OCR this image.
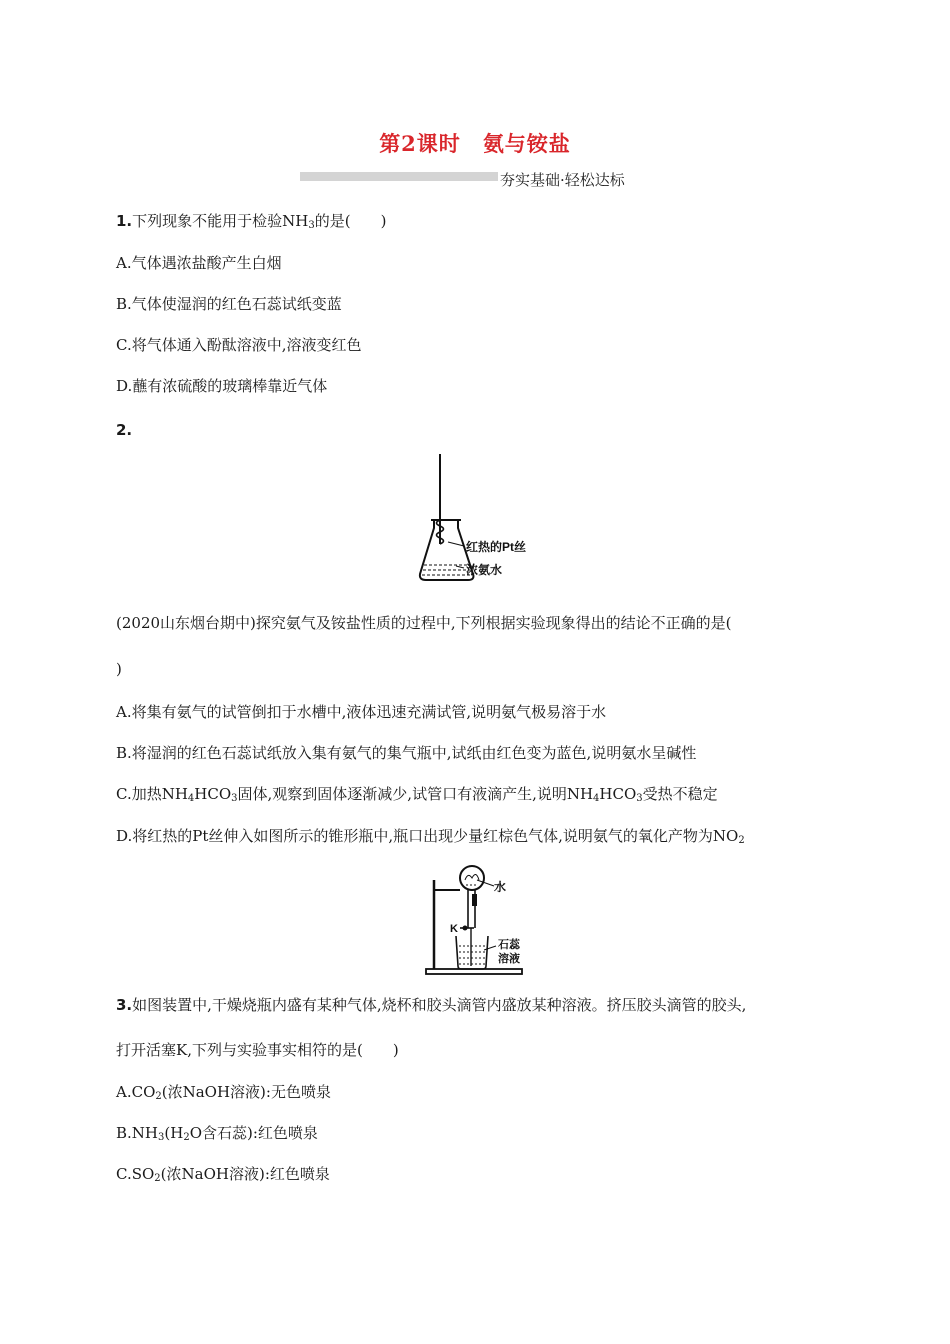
第2课时 氨与铵盐
夯实基础·轻松达标
1.下列现象不能用于检验$NH_3$的是(　　)
A.气体遇浓盐酸产生白烟
B.气体使湿润的红色石蕊试纸变蓝
C.将气体通入酚酞溶液中,溶液变红色
D.蘸有浓硫酸的玻璃棒靠近气体
2.
红热的Pt丝
浓氨水
(2020山东烟台期中)探究氨气及铵盐性质的过程中,下列根据实验现象得出的结论不正确的是(
)
A.将集有氨气的试管倒扣于水槽中,液体迅速充满试管,说明氨气极易溶于水
B.将湿润的红色石蕊试纸放入集有氨气的集气瓶中,试纸由红色变为蓝色,说明氨水呈碱性
C.加热$NH_4HCO_3$固体,观察到固体逐渐减少,试管口有液滴产生,说明$NH_4HCO_3$受热不稳定
D.将红热的Pt丝伸入如图所示的锥形瓶中,瓶口出现少量红棕色气体,说明氨气的氧化产物为$NO_2$
水
K
石蕊
溶液
3.如图装置中,干燥烧瓶内盛有某种气体,烧杯和胶头滴管内盛放某种溶液。挤压胶头滴管的胶头,
打开活塞K,下列与实验事实相符的是(　　)
$A.CO_2$(浓NaOH溶液):无色喷泉
$B.NH_3(H_2O$含石蕊):红色喷泉
$C.SO_2$(浓NaOH溶液):红色喷泉
